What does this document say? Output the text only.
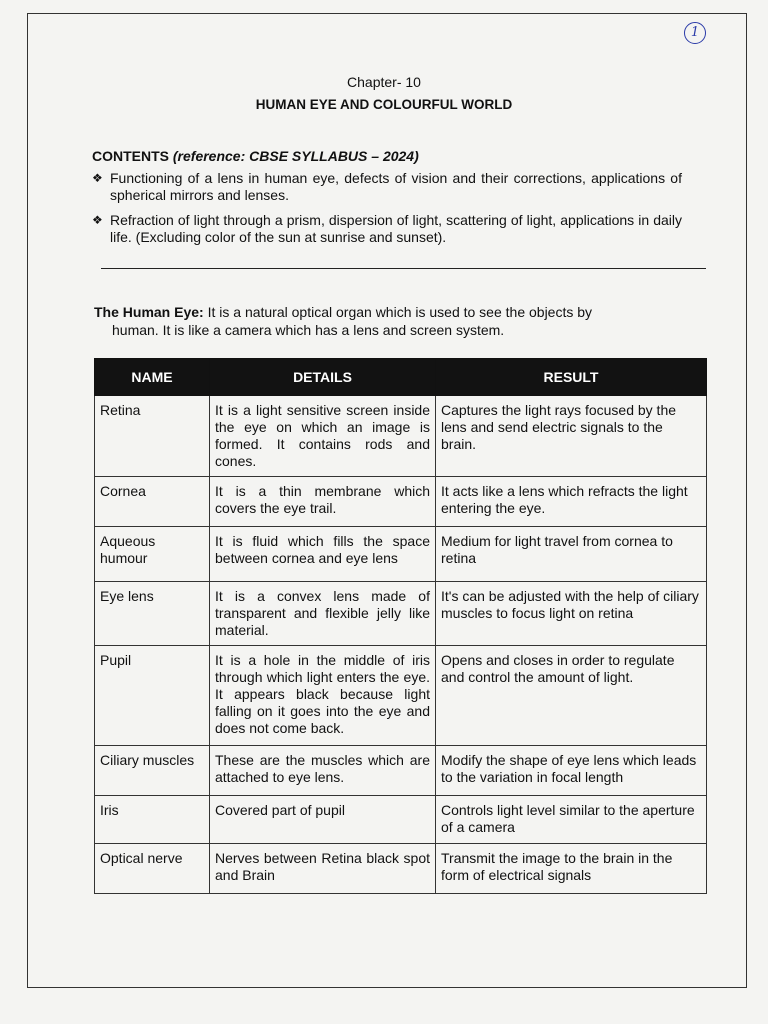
1
Chapter- 10
HUMAN EYE AND COLOURFUL WORLD
CONTENTS (reference: CBSE SYLLABUS – 2024)
❖ Functioning of a lens in human eye, defects of vision and their corrections, applications of spherical mirrors and lenses.
❖ Refraction of light through a prism, dispersion of light, scattering of light, applications in daily life. (Excluding color of the sun at sunrise and sunset).
The Human Eye: It is a natural optical organ which is used to see the objects by
human. It is like a camera which has a lens and screen system.
NAME	DETAILS	RESULT
Retina	It is a light sensitive screen inside the eye on which an image is formed. It contains rods and cones.	Captures the light rays focused by the lens and send electric signals to the brain.
Cornea	It is a thin membrane which covers the eye trail.	It acts like a lens which refracts the light entering the eye.
Aqueous humour	It is fluid which fills the space between cornea and eye lens	Medium for light travel from cornea to retina
Eye lens	It is a convex lens made of transparent and flexible jelly like material.	It's can be adjusted with the help of ciliary muscles to focus light on retina
Pupil	It is a hole in the middle of iris through which light enters the eye. It appears black because light falling on it goes into the eye and does not come back.	Opens and closes in order to regulate and control the amount of light.
Ciliary muscles	These are the muscles which are attached to eye lens.	Modify the shape of eye lens which leads to the variation in focal length
Iris	Covered part of pupil	Controls light level similar to the aperture of a camera
Optical nerve	Nerves between Retina black spot and Brain	Transmit the image to the brain in the form of electrical signals
